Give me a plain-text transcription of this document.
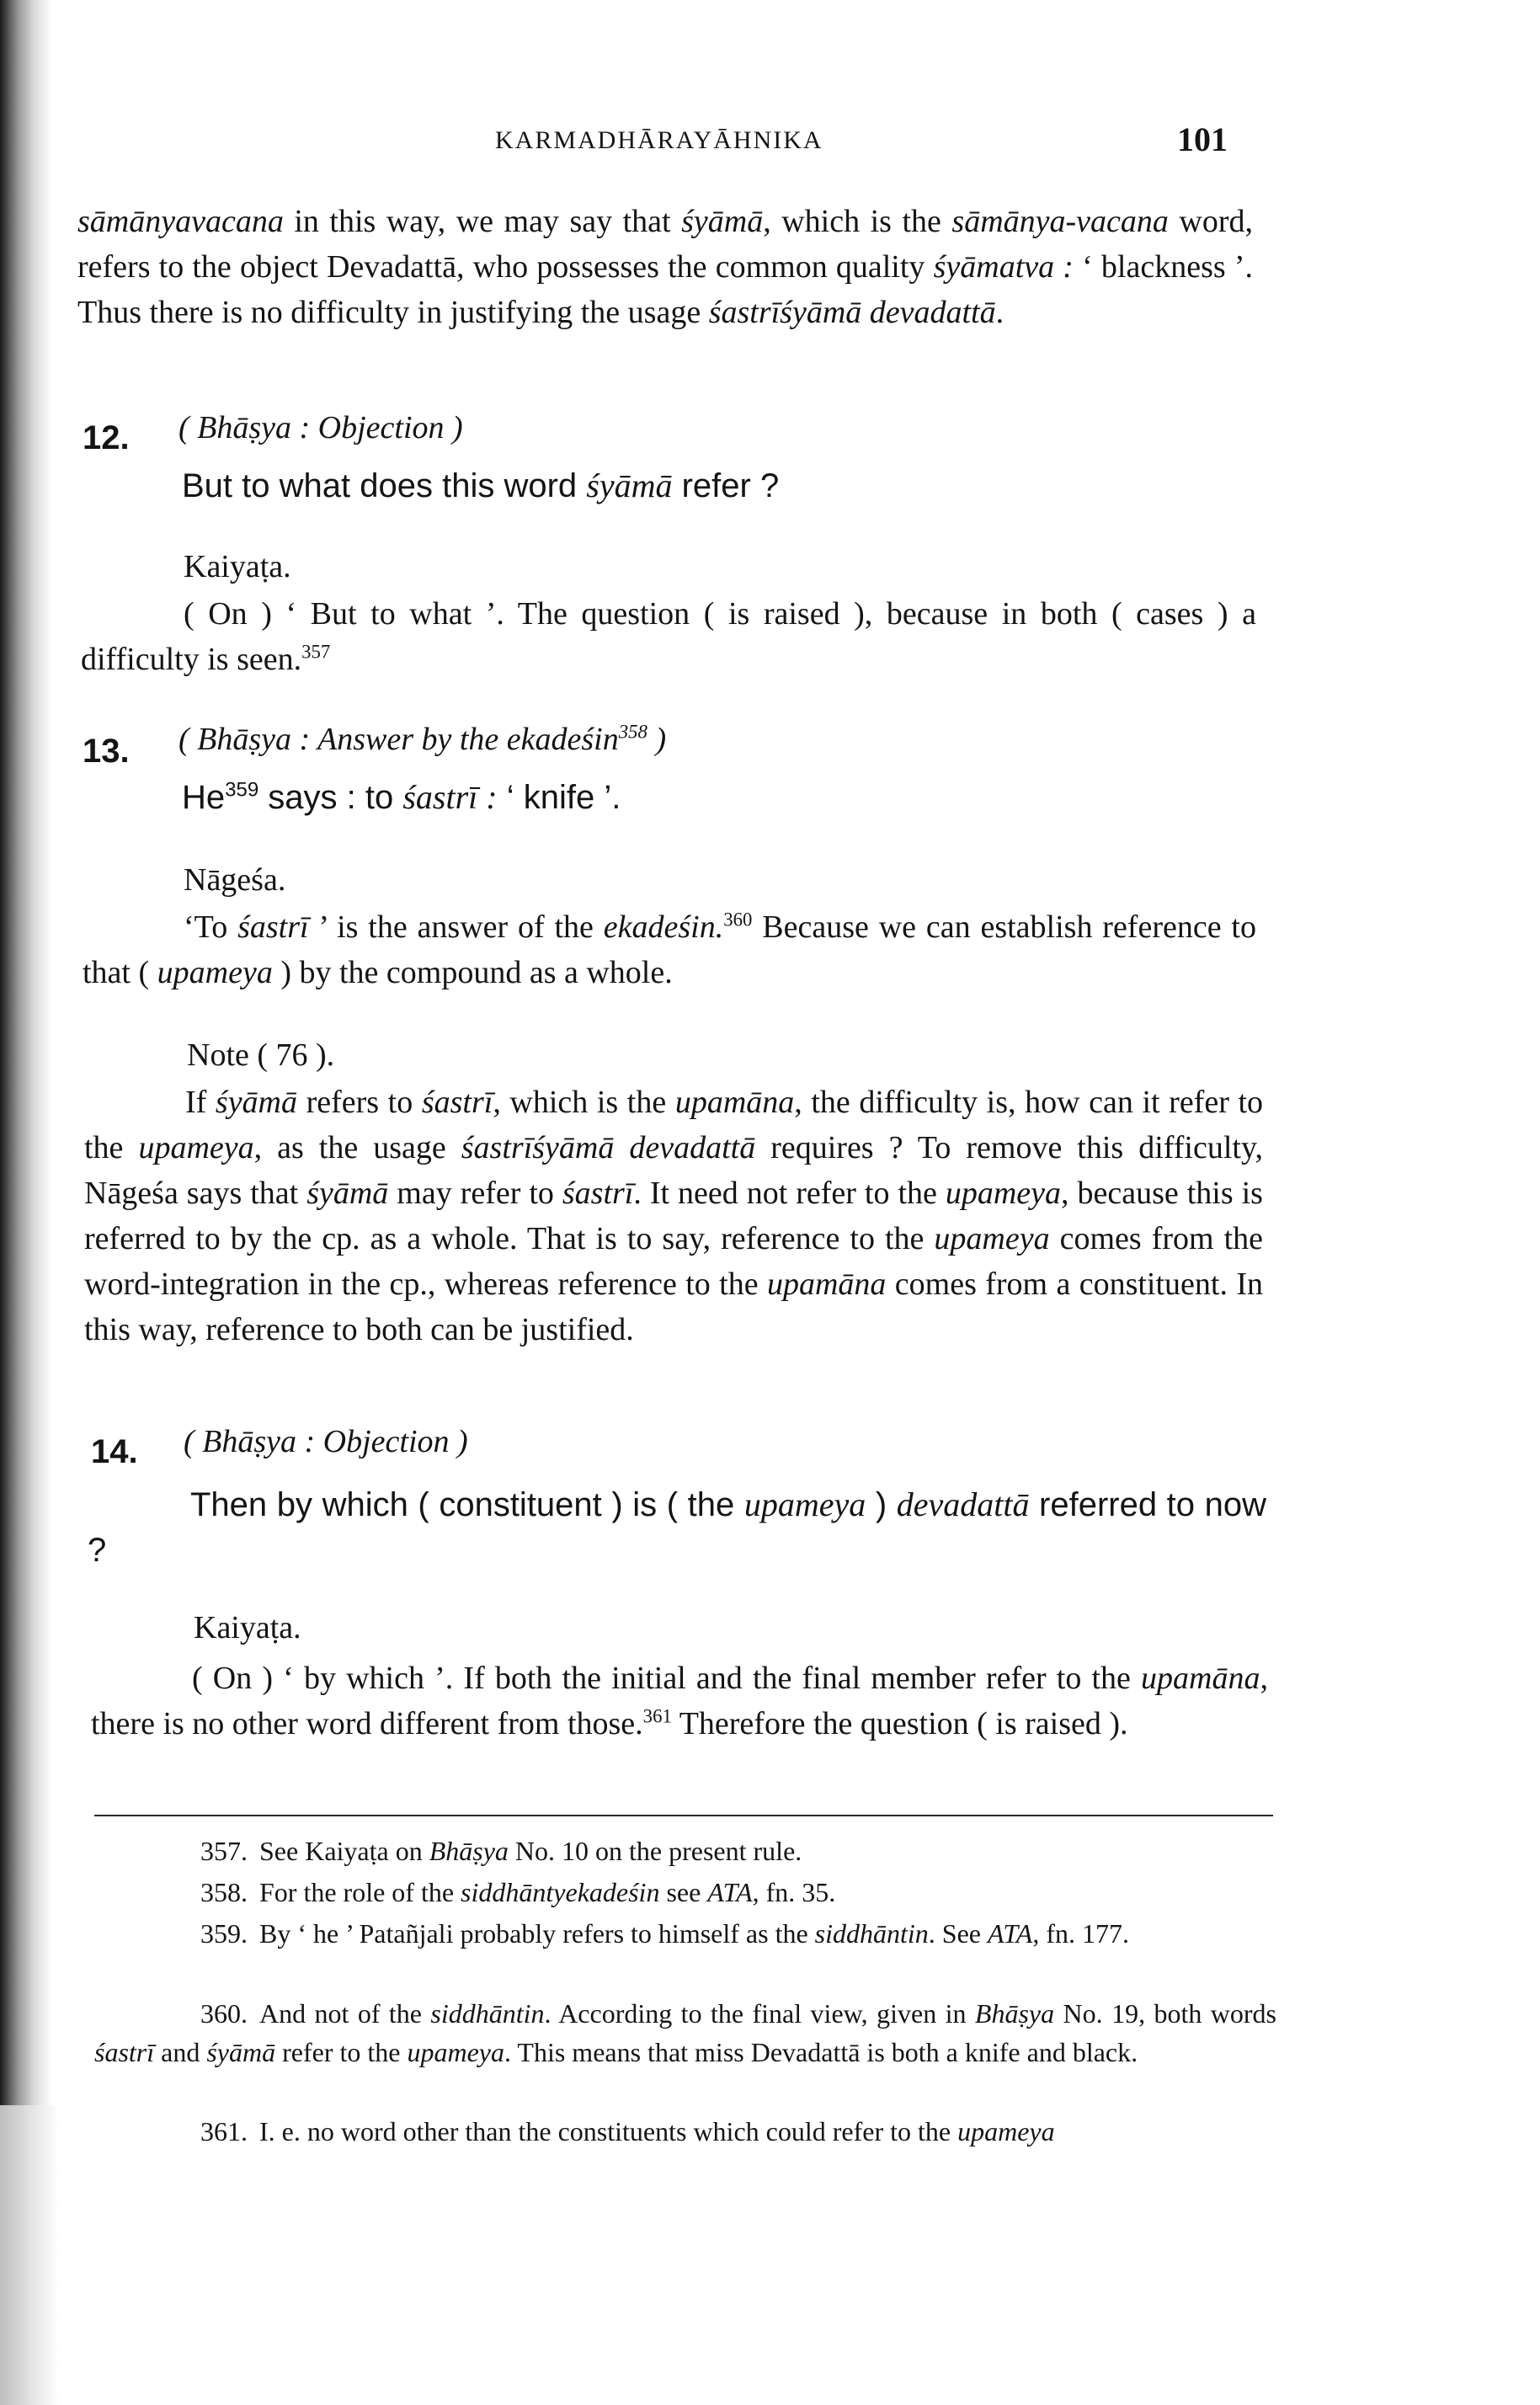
KARMADHĀRAYĀHNIKA	101

sāmānyavacana in this way, we may say that śyāmā, which is the sāmānya-vacana word, refers to the object Devadattā, who possesses the common quality śyāmatva : ‘ blackness ’. Thus there is no difficulty in justifying the usage śastrīśyāmā devadattā.

12. ( Bhāṣya : Objection )

But to what does this word śyāmā refer ?

Kaiyaṭa.

( On ) ‘ But to what ’. The question ( is raised ), because in both ( cases ) a difficulty is seen.$^{357}$

13. ( Bhāṣya : Answer by the ekadeśin$^{358}$ )

He$^{359}$ says : to śastrī : ‘ knife ’.

Nāgeśa.

‘To śastrī ’ is the answer of the ekadeśin.$^{360}$ Because we can establish reference to that ( upameya ) by the compound as a whole.

Note ( 76 ).

If śyāmā refers to śastrī, which is the upamāna, the difficulty is, how can it refer to the upameya, as the usage śastrīśyāmā devadattā requires ? To remove this difficulty, Nāgeśa says that śyāmā may refer to śastrī. It need not refer to the upameya, because this is referred to by the cp. as a whole. That is to say, reference to the upameya comes from the word-integration in the cp., whereas reference to the upamāna comes from a constituent. In this way, reference to both can be justified.

14. ( Bhāṣya : Objection )

Then by which ( constituent ) is ( the upameya ) devadattā referred to now ?

Kaiyaṭa.

( On ) ‘ by which ’. If both the initial and the final member refer to the upamāna, there is no other word different from those.$^{361}$ Therefore the question ( is raised ).

357. See Kaiyaṭa on Bhāṣya No. 10 on the present rule.

358. For the role of the siddhāntyekadeśin see ATA, fn. 35.

359. By ‘ he ’ Patañjali probably refers to himself as the siddhāntin. See ATA, fn. 177.

360. And not of the siddhāntin. According to the final view, given in Bhāṣya No. 19, both words śastrī and śyāmā refer to the upameya. This means that miss Devadattā is both a knife and black.

361. I. e. no word other than the constituents which could refer to the upameya
